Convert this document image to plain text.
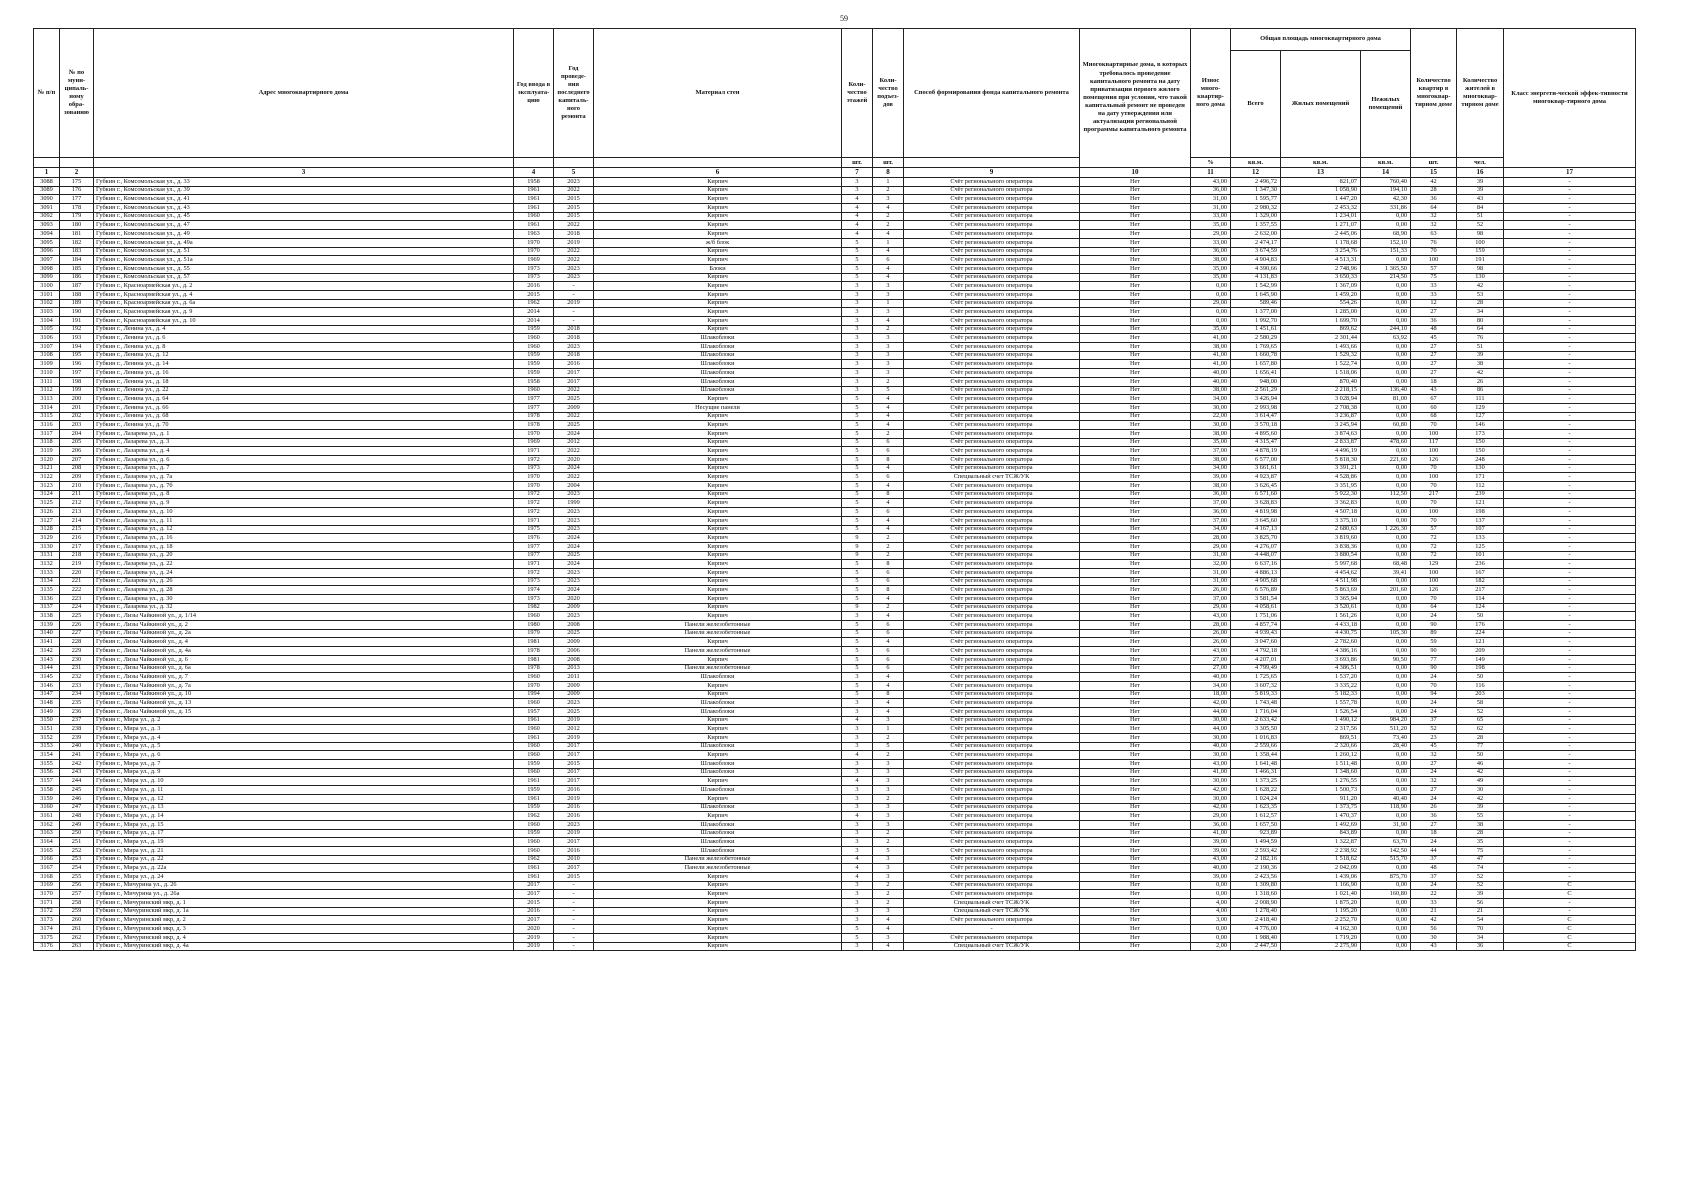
59
№ п/п	№ по муни-ципаль-ному обра-зованию	Адрес многоквартирного дома	Год ввода в эксплуата-цию	Год проведе-ния последнего капиталь-ного ремонта	Материал стен	Коли-чество этажей	Коли-чество подъез-дов	Способ формирования фонда капитального ремонта	Многоквартирные дома, в которых требовалось проведение капитального ремонта на дату приватизации первого жилого помещения при условии, что такой капитальный ремонт не проведен на дату утверждения или актуализации региональной программы капитального ремонта	Износ много-квартир-ного дома	Общая площадь многоквартирного дома			Количество квартир в многоквар-тирном доме	Количество жителей в многоквар-тирном доме	Класс энергети-ческой эффек-тивности многоквар-тирного дома
											Всего	Жилых помещений	Нежилых помещений			
						шт.	шт.			%	кв.м.	кв.м.	кв.м.	шт.	чел.	
1	2	3	4	5	6	7	8	9	10	11	12	13	14	15	16	17
3088	175	Губкин г., Комсомольская ул., д. 33	1958	2023	Кирпич	3	1	Счёт регионального оператора	Нет	43,00	2 496,72	821,07	760,40	42	39	-
3089	176	Губкин г., Комсомольская ул., д. 39	1961	2022	Кирпич	3	2	Счёт регионального оператора	Нет	36,00	1 347,30	1 058,90	194,10	28	39	-
3090	177	Губкин г., Комсомольская ул., д. 41	1961	2015	Кирпич	4	3	Счёт регионального оператора	Нет	31,00	1 595,77	1 447,20	42,30	36	43	-
3091	178	Губкин г., Комсомольская ул., д. 43	1961	2015	Кирпич	4	4	Счёт регионального оператора	Нет	31,00	2 980,32	2 453,32	331,86	64	84	-
3092	179	Губкин г., Комсомольская ул., д. 45	1960	2015	Кирпич	4	2	Счёт регионального оператора	Нет	33,00	1 329,00	1 234,01	0,00	32	51	-
3093	180	Губкин г., Комсомольская ул., д. 47	1961	2022	Кирпич	4	2	Счёт регионального оператора	Нет	35,00	1 357,55	1 271,07	0,00	32	52	-
3094	181	Губкин г., Комсомольская ул., д. 49	1963	2018	Кирпич	4	4	Счёт регионального оператора	Нет	29,00	2 632,00	2 445,06	68,90	63	98	-
3095	182	Губкин г., Комсомольская ул., д. 49а	1970	2019	ж/б блок	5	1	Счёт регионального оператора	Нет	33,00	2 474,17	1 178,68	152,10	76	100	-
3096	183	Губкин г., Комсомольская ул., д. 51	1970	2022	Кирпич	5	4	Счёт регионального оператора	Нет	36,00	3 674,59	3 254,76	151,33	70	159	-
3097	184	Губкин г., Комсомольская ул., д. 51а	1969	2022	Кирпич	5	6	Счёт регионального оператора	Нет	38,00	4 904,83	4 513,31	0,00	100	191	-
3098	185	Губкин г., Комсомольская ул., д. 55	1973	2023	Блоки	5	4	Счёт регионального оператора	Нет	35,00	4 390,66	2 748,96	1 365,50	57	98	-
3099	186	Губкин г., Комсомольская ул., д. 57	1973	2023	Кирпич	5	4	Счёт регионального оператора	Нет	35,00	4 131,83	3 650,33	214,50	75	130	-
3100	187	Губкин г., Красноармейская ул., д. 2	2016	-	Кирпич	3	3	Счёт регионального оператора	Нет	0,00	1 542,99	1 367,09	0,00	33	42	-
3101	188	Губкин г., Красноармейская ул., д. 4	2015	-	Кирпич	3	3	Счёт регионального оператора	Нет	0,00	1 645,90	1 459,20	0,00	33	53	-
3102	189	Губкин г., Красноармейская ул., д. 6а	1962	2019	Кирпич	3	1	Счёт регионального оператора	Нет	29,00	589,46	554,26	0,00	12	28	-
3103	190	Губкин г., Красноармейская ул., д. 9	2014	-	Кирпич	3	3	Счёт регионального оператора	Нет	0,00	1 377,00	1 285,00	0,00	27	34	-
3104	191	Губкин г., Красноармейская ул., д. 10	2014	-	Кирпич	3	4	Счёт регионального оператора	Нет	0,00	1 992,70	1 699,70	0,00	36	80	-
3105	192	Губкин г., Ленина ул., д. 4	1959	2018	Кирпич	3	2	Счёт регионального оператора	Нет	35,00	1 451,61	869,62	244,10	48	64	-
3106	193	Губкин г., Ленина ул., д. 6	1960	2018	Шлакоблоки	3	3	Счёт регионального оператора	Нет	41,00	2 580,29	2 301,44	63,92	45	76	-
3107	194	Губкин г., Ленина ул., д. 8	1960	2023	Шлакоблоки	3	3	Счёт регионального оператора	Нет	38,00	1 769,65	1 493,66	0,00	27	51	-
3108	195	Губкин г., Ленина ул., д. 12	1959	2018	Шлакоблоки	3	3	Счёт регионального оператора	Нет	41,00	1 660,78	1 529,32	0,00	27	39	-
3109	196	Губкин г., Ленина ул., д. 14	1959	2016	Шлакоблоки	3	3	Счёт регионального оператора	Нет	41,00	1 657,80	1 522,74	0,00	27	38	-
3110	197	Губкин г., Ленина ул., д. 16	1959	2017	Шлакоблоки	3	3	Счёт регионального оператора	Нет	40,00	1 656,41	1 518,06	0,00	27	42	-
3111	198	Губкин г., Ленина ул., д. 18	1958	2017	Шлакоблоки	3	2	Счёт регионального оператора	Нет	40,00	948,00	870,40	0,00	18	26	-
3112	199	Губкин г., Ленина ул., д. 22	1960	2022	Шлакоблоки	3	5	Счёт регионального оператора	Нет	38,00	2 561,29	2 218,15	136,40	43	86	-
3113	200	Губкин г., Ленина ул., д. 64	1977	2025	Кирпич	5	4	Счёт регионального оператора	Нет	34,00	3 426,94	3 028,94	81,00	67	111	-
3114	201	Губкин г., Ленина ул., д. 66	1977	2009	Несущие панели	5	4	Счёт регионального оператора	Нет	30,00	2 993,98	2 708,38	0,00	60	129	-
3115	202	Губкин г., Ленина ул., д. 68	1978	2022	Кирпич	5	4	Счёт регионального оператора	Нет	22,00	3 614,47	3 236,87	0,00	68	127	-
3116	203	Губкин г., Ленина ул., д. 70	1978	2025	Кирпич	5	4	Счёт регионального оператора	Нет	30,00	3 570,18	3 245,94	60,80	70	146	-
3117	204	Губкин г., Лазарева ул., д. 1	1970	2024	Кирпич	5	2	Счёт регионального оператора	Нет	38,00	4 895,60	3 874,63	0,00	100	173	-
3118	205	Губкин г., Лазарева ул., д. 3	1969	2012	Кирпич	5	6	Счёт регионального оператора	Нет	35,00	4 315,47	2 833,87	478,60	117	150	-
3119	206	Губкин г., Лазарева ул., д. 4	1971	2022	Кирпич	5	6	Счёт регионального оператора	Нет	37,00	4 878,19	4 496,19	0,00	100	150	-
3120	207	Губкин г., Лазарева ул., д. 6	1972	2020	Кирпич	5	8	Счёт регионального оператора	Нет	38,00	6 577,00	5 818,30	221,60	126	248	-
3121	208	Губкин г., Лазарева ул., д. 7	1973	2024	Кирпич	5	4	Счёт регионального оператора	Нет	34,00	3 661,61	3 391,21	0,00	70	130	-
3122	209	Губкин г., Лазарева ул., д. 7а	1970	2022	Кирпич	5	6	Специальный счет ТСЖ/УК	Нет	39,00	4 923,87	4 528,86	0,00	100	171	-
3123	210	Губкин г., Лазарева ул., д. 7б	1970	2004	Кирпич	5	4	Счёт регионального оператора	Нет	38,00	3 626,45	3 351,95	0,00	70	112	-
3124	211	Губкин г., Лазарева ул., д. 8	1972	2023	Кирпич	5	8	Счёт регионального оператора	Нет	36,00	6 571,60	5 922,30	112,50	217	239	-
3125	212	Губкин г., Лазарева ул., д. 9	1972	1999	Кирпич	5	4	Счёт регионального оператора	Нет	37,00	3 628,83	3 362,83	0,00	70	121	-
3126	213	Губкин г., Лазарева ул., д. 10	1972	2023	Кирпич	5	6	Счёт регионального оператора	Нет	36,00	4 819,98	4 507,18	0,00	100	198	-
3127	214	Губкин г., Лазарева ул., д. 11	1971	2023	Кирпич	5	4	Счёт регионального оператора	Нет	37,00	3 645,60	3 375,10	0,00	70	137	-
3128	215	Губкин г., Лазарева ул., д. 12	1975	2023	Кирпич	5	4	Счёт регионального оператора	Нет	34,00	4 167,13	2 680,63	1 226,30	57	107	-
3129	216	Губкин г., Лазарева ул., д. 16	1976	2024	Кирпич	9	2	Счёт регионального оператора	Нет	28,00	3 825,70	3 819,60	0,00	72	133	-
3130	217	Губкин г., Лазарева ул., д. 18	1977	2024	Кирпич	9	2	Счёт регионального оператора	Нет	29,00	4 276,07	3 838,36	0,00	72	125	-
3131	218	Губкин г., Лазарева ул., д. 20	1977	2025	Кирпич	9	2	Счёт регионального оператора	Нет	31,00	4 448,07	3 880,54	0,00	72	101	-
3132	219	Губкин г., Лазарева ул., д. 22	1971	2024	Кирпич	5	8	Счёт регионального оператора	Нет	32,00	6 637,16	5 997,68	68,48	129	236	-
3133	220	Губкин г., Лазарева ул., д. 24	1972	2023	Кирпич	5	6	Счёт регионального оператора	Нет	31,00	4 886,13	4 454,62	39,41	100	167	-
3134	221	Губкин г., Лазарева ул., д. 26	1973	2023	Кирпич	5	6	Счёт регионального оператора	Нет	31,00	4 905,68	4 511,98	0,00	100	182	-
3135	222	Губкин г., Лазарева ул., д. 28	1974	2024	Кирпич	5	8	Счёт регионального оператора	Нет	26,00	6 576,89	5 863,69	201,60	126	217	-
3136	223	Губкин г., Лазарева ул., д. 30	1973	2020	Кирпич	5	4	Счёт регионального оператора	Нет	37,00	3 581,54	3 365,94	0,00	70	114	-
3137	224	Губкин г., Лазарева ул., д. 32	1982	2009	Кирпич	9	2	Счёт регионального оператора	Нет	29,00	4 058,61	3 520,61	0,00	64	124	-
3138	225	Губкин г., Лизы Чайкиной ул., д. 1/14	1960	2023	Кирпич	3	4	Счёт регионального оператора	Нет	43,00	1 751,06	1 561,26	0,00	24	50	-
3139	226	Губкин г., Лизы Чайкиной ул., д. 2	1980	2008	Панели железобетонные	5	6	Счёт регионального оператора	Нет	28,00	4 857,74	4 433,18	0,00	90	176	-
3140	227	Губкин г., Лизы Чайкиной ул., д. 2а	1979	2025	Панели железобетонные	5	6	Счёт регионального оператора	Нет	26,00	4 939,43	4 430,75	105,30	89	224	-
3141	228	Губкин г., Лизы Чайкиной ул., д. 4	1981	2009	Кирпич	5	4	Счёт регионального оператора	Нет	26,00	3 047,60	2 782,60	0,00	59	121	-
3142	229	Губкин г., Лизы Чайкиной ул., д. 4а	1978	2006	Панели железобетонные	5	6	Счёт регионального оператора	Нет	43,00	4 792,18	4 386,16	0,00	90	209	-
3143	230	Губкин г., Лизы Чайкиной ул., д. 6	1981	2008	Кирпич	5	6	Счёт регионального оператора	Нет	27,00	4 207,01	3 693,86	90,50	77	149	-
3144	231	Губкин г., Лизы Чайкиной ул., д. 6а	1978	2013	Панели железобетонные	5	6	Счёт регионального оператора	Нет	27,00	4 799,49	4 386,51	0,00	90	198	-
3145	232	Губкин г., Лизы Чайкиной ул., д. 7	1960	2011	Шлакоблоки	3	4	Счёт регионального оператора	Нет	40,00	1 725,65	1 537,20	0,00	24	50	-
3146	233	Губкин г., Лизы Чайкиной ул., д. 7а	1970	2009	Кирпич	5	4	Счёт регионального оператора	Нет	34,00	3 607,32	3 335,22	0,00	70	116	-
3147	234	Губкин г., Лизы Чайкиной ул., д. 10	1994	2009	Кирпич	5	8	Счёт регионального оператора	Нет	18,00	5 819,33	5 182,33	0,00	94	203	-
3148	235	Губкин г., Лизы Чайкиной ул., д. 13	1960	2023	Шлакоблоки	3	4	Счёт регионального оператора	Нет	42,00	1 743,48	1 557,78	0,00	24	58	-
3149	236	Губкин г., Лизы Чайкиной ул., д. 15	1957	2025	Шлакоблоки	3	4	Счёт регионального оператора	Нет	44,00	1 716,04	1 526,54	0,00	24	52	-
3150	237	Губкин г., Мира ул., д. 2	1961	2019	Кирпич	4	3	Счёт регионального оператора	Нет	30,00	2 633,42	1 490,12	984,20	37	65	-
3151	238	Губкин г., Мира ул., д. 3	1960	2012	Кирпич	3	1	Счёт регионального оператора	Нет	44,00	3 305,50	2 317,56	511,20	52	62	-
3152	239	Губкин г., Мира ул., д. 4	1961	2019	Кирпич	3	2	Счёт регионального оператора	Нет	30,00	1 016,83	869,51	73,40	23	28	-
3153	240	Губкин г., Мира ул., д. 5	1960	2017	Шлакоблоки	3	5	Счёт регионального оператора	Нет	40,00	2 559,66	2 320,66	28,40	45	77	-
3154	241	Губкин г., Мира ул., д. 6	1960	2017	Кирпич	4	2	Счёт регионального оператора	Нет	30,00	1 358,44	1 260,12	0,00	32	50	-
3155	242	Губкин г., Мира ул., д. 7	1959	2015	Шлакоблоки	3	3	Счёт регионального оператора	Нет	43,00	1 641,48	1 511,48	0,00	27	46	-
3156	243	Губкин г., Мира ул., д. 9	1960	2017	Шлакоблоки	3	3	Счёт регионального оператора	Нет	41,00	1 466,31	1 348,60	0,00	24	42	-
3157	244	Губкин г., Мира ул., д. 10	1961	2017	Кирпич	4	3	Счёт регионального оператора	Нет	30,00	1 373,25	1 276,55	0,00	32	49	-
3158	245	Губкин г., Мира ул., д. 11	1959	2016	Шлакоблоки	3	3	Счёт регионального оператора	Нет	42,00	1 628,22	1 500,73	0,00	27	30	-
3159	246	Губкин г., Мира ул., д. 12	1961	2019	Кирпич	3	2	Счёт регионального оператора	Нет	30,00	1 024,24	911,20	40,40	24	42	-
3160	247	Губкин г., Мира ул., д. 13	1959	2016	Шлакоблоки	3	3	Счёт регионального оператора	Нет	42,00	1 623,35	1 373,75	118,90	26	39	-
3161	248	Губкин г., Мира ул., д. 14	1962	2016	Кирпич	4	3	Счёт регионального оператора	Нет	29,00	1 612,57	1 470,37	0,00	36	55	-
3162	249	Губкин г., Мира ул., д. 15	1960	2023	Шлакоблоки	3	3	Счёт регионального оператора	Нет	36,00	1 657,50	1 492,69	31,90	27	38	-
3163	250	Губкин г., Мира ул., д. 17	1959	2019	Шлакоблоки	3	2	Счёт регионального оператора	Нет	41,00	923,89	843,89	0,00	18	28	-
3164	251	Губкин г., Мира ул., д. 19	1960	2017	Шлакоблоки	3	2	Счёт регионального оператора	Нет	39,00	1 494,59	1 322,87	63,70	24	35	-
3165	252	Губкин г., Мира ул., д. 21	1960	2016	Шлакоблоки	3	5	Счёт регионального оператора	Нет	39,00	2 593,42	2 238,92	142,50	44	75	-
3166	253	Губкин г., Мира ул., д. 22	1962	2010	Панели железобетонные	4	3	Счёт регионального оператора	Нет	43,00	2 182,16	1 518,62	515,70	37	47	-
3167	254	Губкин г., Мира ул., д. 22а	1961	2017	Панели железобетонные	4	3	Счёт регионального оператора	Нет	40,00	2 190,36	2 042,09	0,00	48	74	-
3168	255	Губкин г., Мира ул., д. 24	1961	2015	Кирпич	4	3	Счёт регионального оператора	Нет	39,00	2 423,56	1 439,06	875,70	37	52	-
3169	256	Губкин г., Мичурина ул., д. 26	2017	-	Кирпич	3	2	Счёт регионального оператора	Нет	0,00	1 309,80	1 166,90	0,00	24	52	C
3170	257	Губкин г., Мичурина ул., д. 26а	2017	-	Кирпич	3	2	Счёт регионального оператора	Нет	0,00	1 318,60	1 021,40	160,80	22	39	C
3171	258	Губкин г., Мичуринский мкр, д. 1	2015	-	Кирпич	3	2	Специальный счет ТСЖ/УК	Нет	4,00	2 008,90	1 875,20	0,00	33	56	-
3172	259	Губкин г., Мичуринский мкр, д. 1а	2016	-	Кирпич	3	3	Специальный счет ТСЖ/УК	Нет	4,00	1 278,40	1 195,20	0,00	21	21	-
3173	260	Губкин г., Мичуринский мкр, д. 2	2017	-	Кирпич	3	4	Счёт регионального оператора	Нет	3,00	2 418,40	2 252,70	0,00	42	54	C
3174	261	Губкин г., Мичуринский мкр, д. 3	2020	-	Кирпич	5	4	-	Нет	0,00	4 776,00	4 162,30	0,00	56	70	C
3175	262	Губкин г., Мичуринский мкр, д. 4	2019	-	Кирпич	5	3	Счёт регионального оператора	Нет	0,00	1 988,40	1 719,20	0,00	30	34	C
3176	263	Губкин г., Мичуринский мкр, д. 4а	2019	-	Кирпич	3	4	Специальный счет ТСЖ/УК	Нет	2,00	2 447,50	2 275,90	0,00	43	36	C
